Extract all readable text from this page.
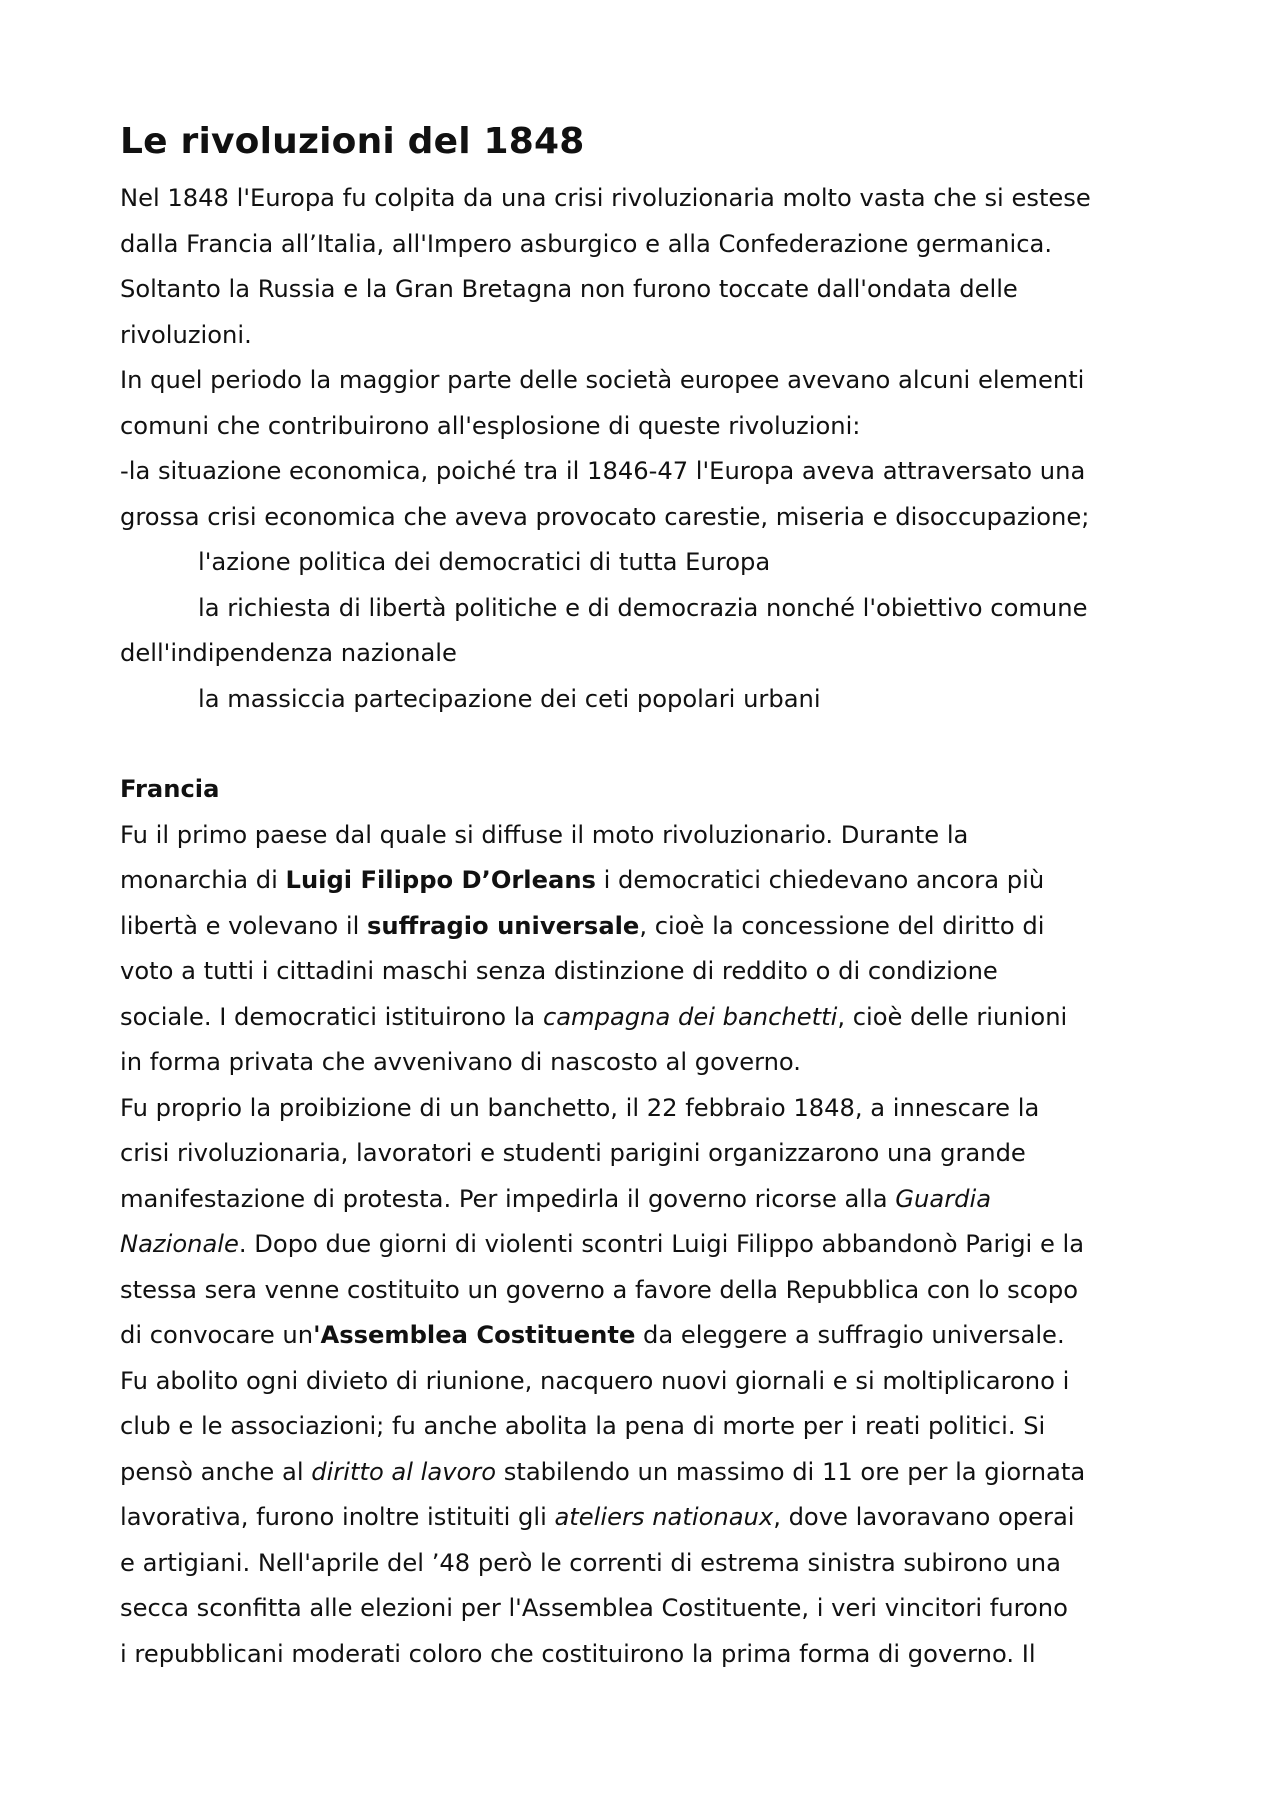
Le rivoluzioni del 1848

Nel 1848 l'Europa fu colpita da una crisi rivoluzionaria molto vasta che si estese

dalla Francia all’Italia, all'Impero asburgico e alla Confederazione germanica.

Soltanto la Russia e la Gran Bretagna non furono toccate dall'ondata delle

rivoluzioni.

In quel periodo la maggior parte delle società europee avevano alcuni elementi

comuni che contribuirono all'esplosione di queste rivoluzioni:

-la situazione economica, poiché tra il 1846-47 l'Europa aveva attraversato una

grossa crisi economica che aveva provocato carestie, miseria e disoccupazione;

l'azione politica dei democratici di tutta Europa

la richiesta di libertà politiche e di democrazia nonché l'obiettivo comune

dell'indipendenza nazionale

la massiccia partecipazione dei ceti popolari urbani

Francia

Fu il primo paese dal quale si diffuse il moto rivoluzionario. Durante la

monarchia di Luigi Filippo D’Orleans i democratici chiedevano ancora più

libertà e volevano il suffragio universale, cioè la concessione del diritto di

voto a tutti i cittadini maschi senza distinzione di reddito o di condizione

sociale. I democratici istituirono la campagna dei banchetti, cioè delle riunioni

in forma privata che avvenivano di nascosto al governo.

Fu proprio la proibizione di un banchetto, il 22 febbraio 1848, a innescare la

crisi rivoluzionaria, lavoratori e studenti parigini organizzarono una grande

manifestazione di protesta. Per impedirla il governo ricorse alla Guardia

Nazionale. Dopo due giorni di violenti scontri Luigi Filippo abbandonò Parigi e la

stessa sera venne costituito un governo a favore della Repubblica con lo scopo

di convocare un'Assemblea Costituente da eleggere a suffragio universale.

Fu abolito ogni divieto di riunione, nacquero nuovi giornali e si moltiplicarono i

club e le associazioni; fu anche abolita la pena di morte per i reati politici. Si

pensò anche al diritto al lavoro stabilendo un massimo di 11 ore per la giornata

lavorativa, furono inoltre istituiti gli ateliers nationaux, dove lavoravano operai

e artigiani. Nell'aprile del ’48 però le correnti di estrema sinistra subirono una

secca sconfitta alle elezioni per l'Assemblea Costituente, i veri vincitori furono

i repubblicani moderati coloro che costituirono la prima forma di governo. Il
